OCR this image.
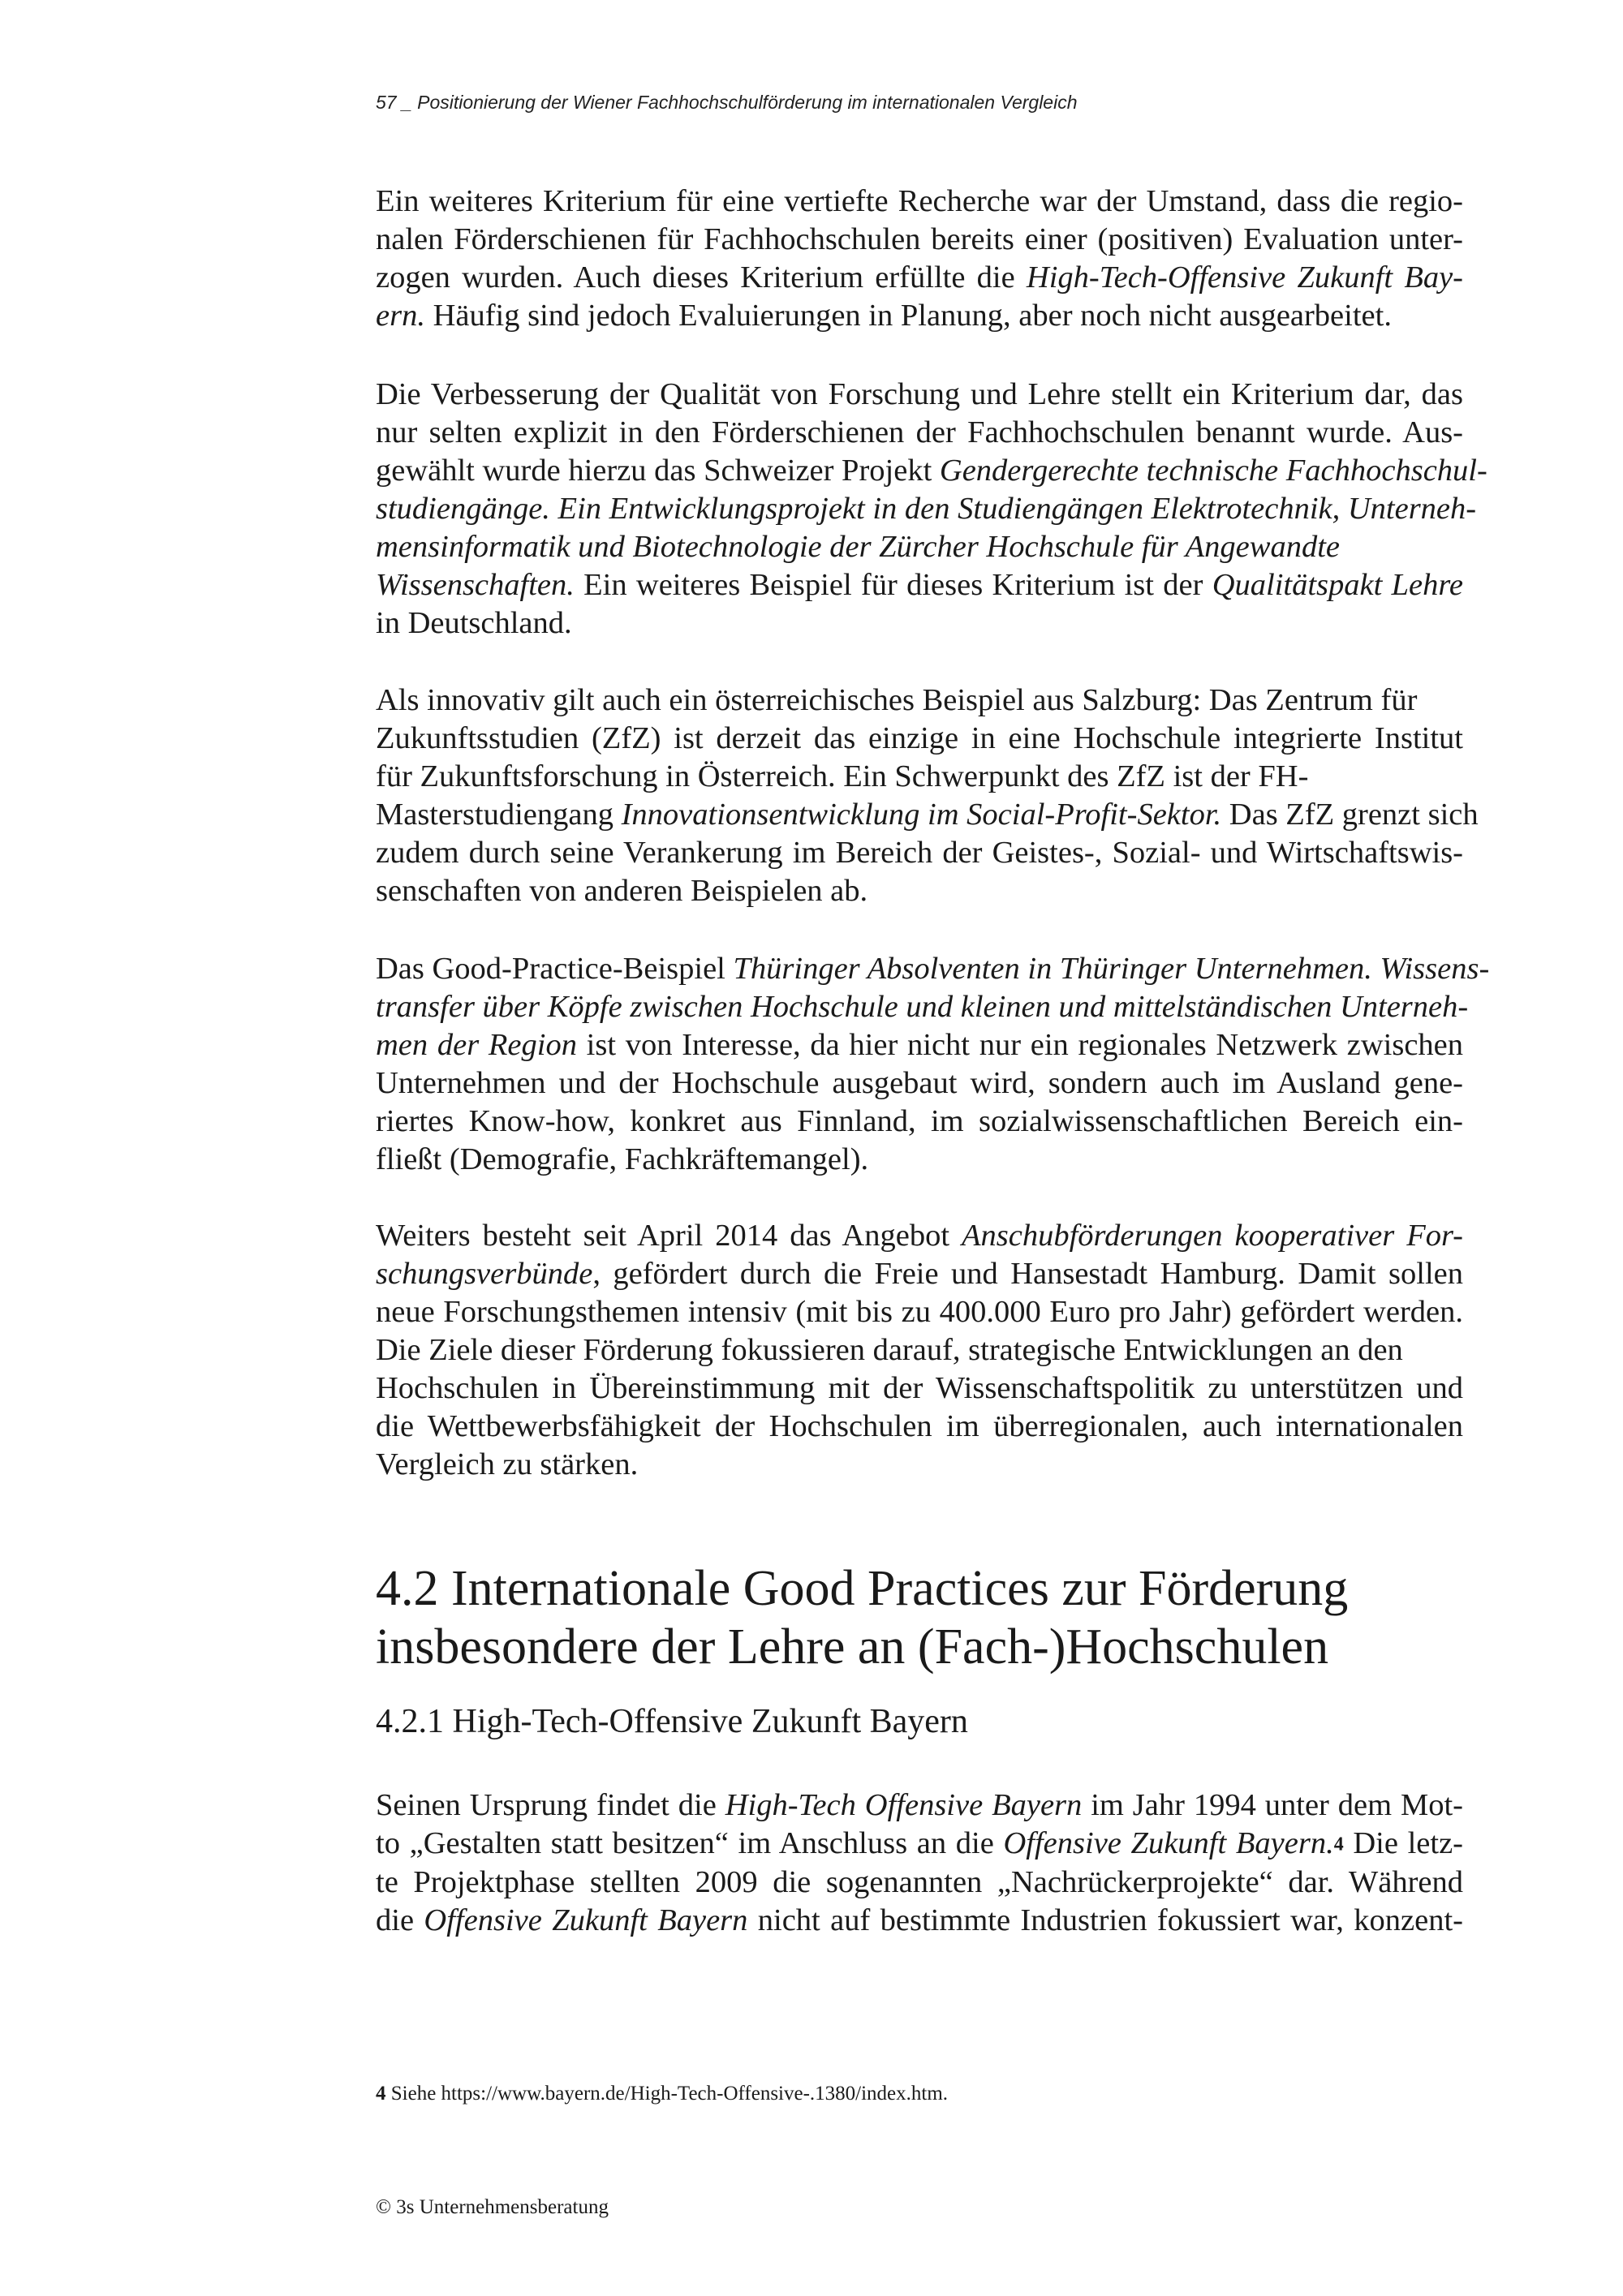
57 _ Positionierung der Wiener Fachhochschulförderung im internationalen Vergleich
Ein weiteres Kriterium für eine vertiefte Recherche war der Umstand, dass die regio-
nalen Förderschienen für Fachhochschulen bereits einer (positiven) Evaluation unter-
zogen wurden. Auch dieses Kriterium erfüllte die High-Tech-Offensive Zukunft Bay-
ern. Häufig sind jedoch Evaluierungen in Planung, aber noch nicht ausgearbeitet.
Die Verbesserung der Qualität von Forschung und Lehre stellt ein Kriterium dar, das
nur selten explizit in den Förderschienen der Fachhochschulen benannt wurde. Aus-
gewählt wurde hierzu das Schweizer Projekt Gendergerechte technische Fachhochschul-
studiengänge. Ein Entwicklungsprojekt in den Studiengängen Elektrotechnik, Unterneh-
mensinformatik und Biotechnologie der Zürcher Hochschule für Angewandte
Wissenschaften. Ein weiteres Beispiel für dieses Kriterium ist der Qualitätspakt Lehre
in Deutschland.
Als innovativ gilt auch ein österreichisches Beispiel aus Salzburg: Das Zentrum für
Zukunftsstudien (ZfZ) ist derzeit das einzige in eine Hochschule integrierte Institut
für Zukunftsforschung in Österreich. Ein Schwerpunkt des ZfZ ist der FH-
Masterstudiengang Innovationsentwicklung im Social-Profit-Sektor. Das ZfZ grenzt sich
zudem durch seine Verankerung im Bereich der Geistes-, Sozial- und Wirtschaftswis-
senschaften von anderen Beispielen ab.
Das Good-Practice-Beispiel Thüringer Absolventen in Thüringer Unternehmen. Wissens-
transfer über Köpfe zwischen Hochschule und kleinen und mittelständischen Unterneh-
men der Region ist von Interesse, da hier nicht nur ein regionales Netzwerk zwischen
Unternehmen und der Hochschule ausgebaut wird, sondern auch im Ausland gene-
riertes Know-how, konkret aus Finnland, im sozialwissenschaftlichen Bereich ein-
fließt (Demografie, Fachkräftemangel).
Weiters besteht seit April 2014 das Angebot Anschubförderungen kooperativer For-
schungsverbünde, gefördert durch die Freie und Hansestadt Hamburg. Damit sollen
neue Forschungsthemen intensiv (mit bis zu 400.000 Euro pro Jahr) gefördert werden.
Die Ziele dieser Förderung fokussieren darauf, strategische Entwicklungen an den
Hochschulen in Übereinstimmung mit der Wissenschaftspolitik zu unterstützen und
die Wettbewerbsfähigkeit der Hochschulen im überregionalen, auch internationalen
Vergleich zu stärken.
4.2 Internationale Good Practices zur Förderung
insbesondere der Lehre an (Fach-)Hochschulen
4.2.1 High-Tech-Offensive Zukunft Bayern
Seinen Ursprung findet die High-Tech Offensive Bayern im Jahr 1994 unter dem Mot-
to „Gestalten statt besitzen“ im Anschluss an die Offensive Zukunft Bayern.$^4$ Die letz-
te Projektphase stellten 2009 die sogenannten „Nachrückerprojekte“ dar. Während
die Offensive Zukunft Bayern nicht auf bestimmte Industrien fokussiert war, konzent-
4 Siehe https://www.bayern.de/High-Tech-Offensive-.1380/index.htm.
© 3s Unternehmensberatung
